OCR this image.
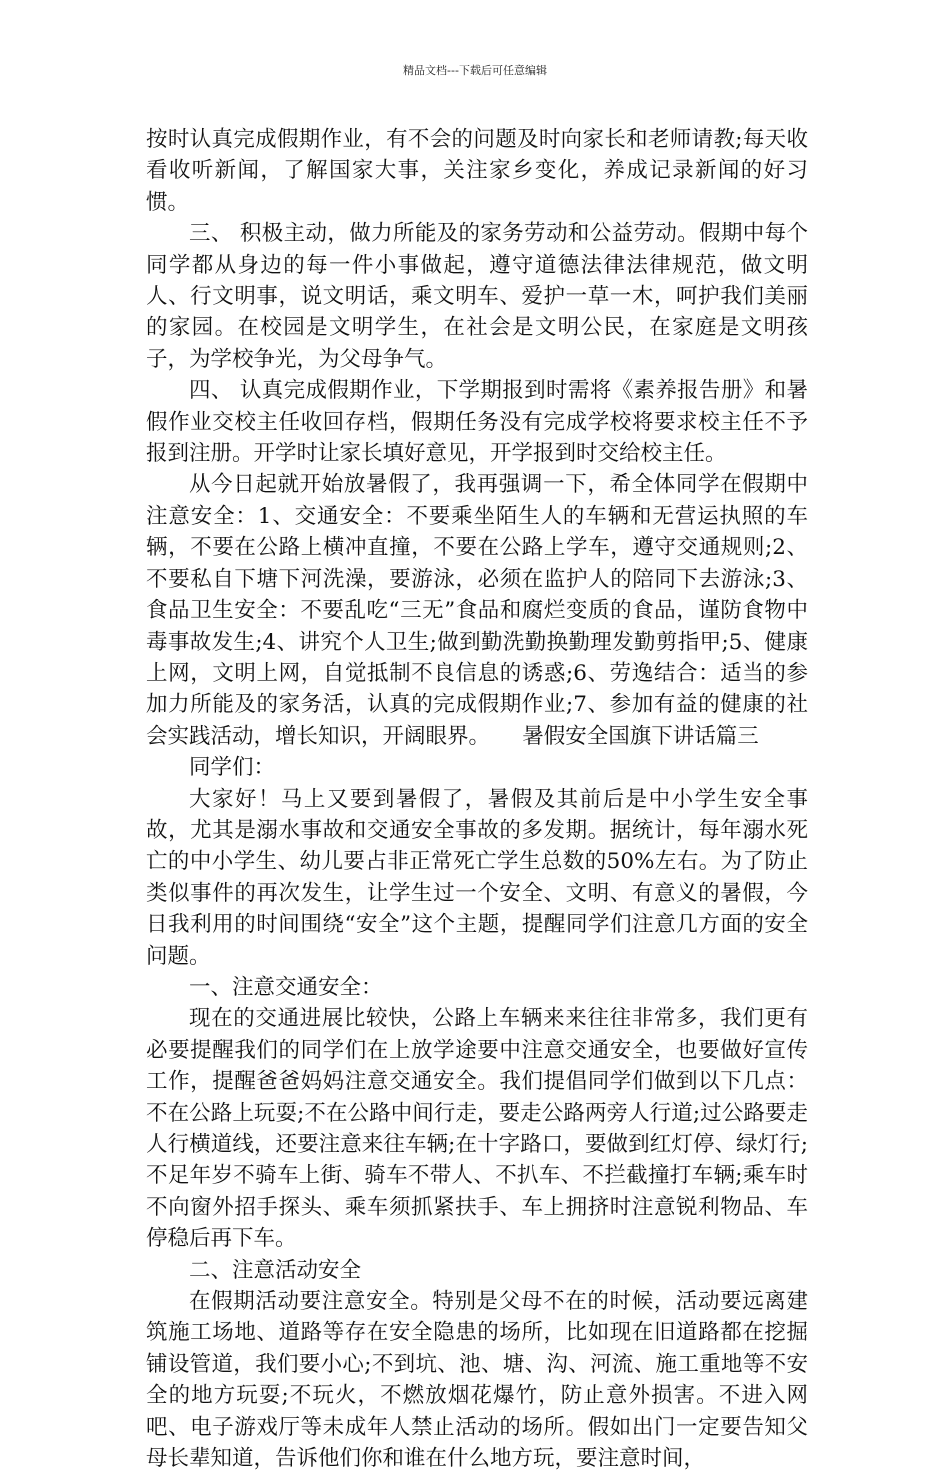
精品文档---下载后可任意编辑

按时认真完成假期作业，有不会的问题及时向家长和老师请教;每天收看收听新闻，了解国家大事，关注家乡变化，养成记录新闻的好习惯。

三、 积极主动，做力所能及的家务劳动和公益劳动。假期中每个同学都从身边的每一件小事做起，遵守道德法律法律规范，做文明人、行文明事，说文明话，乘文明车、爱护一草一木，呵护我们美丽的家园。在校园是文明学生，在社会是文明公民，在家庭是文明孩子，为学校争光，为父母争气。

四、 认真完成假期作业，下学期报到时需将《素养报告册》和暑假作业交校主任收回存档，假期任务没有完成学校将要求校主任不予报到注册。开学时让家长填好意见，开学报到时交给校主任。

从今日起就开始放暑假了，我再强调一下，希全体同学在假期中注意安全：1、交通安全：不要乘坐陌生人的车辆和无营运执照的车辆，不要在公路上横冲直撞，不要在公路上学车，遵守交通规则;2、不要私自下塘下河洗澡，要游泳，必须在监护人的陪同下去游泳;3、食品卫生安全：不要乱吃“三无”食品和腐烂变质的食品，谨防食物中毒事故发生;4、讲究个人卫生;做到勤洗勤换勤理发勤剪指甲;5、健康上网，文明上网，自觉抵制不良信息的诱惑;6、劳逸结合：适当的参加力所能及的家务活，认真的完成假期作业;7、参加有益的健康的社会实践活动，增长知识，开阔眼界。　　暑假安全国旗下讲话篇三

同学们：

大家好！马上又要到暑假了，暑假及其前后是中小学生安全事故，尤其是溺水事故和交通安全事故的多发期。据统计，每年溺水死亡的中小学生、幼儿要占非正常死亡学生总数的50%左右。为了防止类似事件的再次发生，让学生过一个安全、文明、有意义的暑假，今日我利用的时间围绕“安全”这个主题，提醒同学们注意几方面的安全问题。

一、注意交通安全：

现在的交通进展比较快，公路上车辆来来往往非常多，我们更有必要提醒我们的同学们在上放学途要中注意交通安全，也要做好宣传工作，提醒爸爸妈妈注意交通安全。我们提倡同学们做到以下几点：不在公路上玩耍;不在公路中间行走，要走公路两旁人行道;过公路要走人行横道线，还要注意来往车辆;在十字路口，要做到红灯停、绿灯行;不足年岁不骑车上街、骑车不带人、不扒车、不拦截撞打车辆;乘车时不向窗外招手探头、乘车须抓紧扶手、车上拥挤时注意锐利物品、车停稳后再下车。

二、注意活动安全

在假期活动要注意安全。特别是父母不在的时候，活动要远离建筑施工场地、道路等存在安全隐患的场所，比如现在旧道路都在挖掘铺设管道，我们要小心;不到坑、池、塘、沟、河流、施工重地等不安全的地方玩耍;不玩火，不燃放烟花爆竹，防止意外损害。不进入网吧、电子游戏厅等未成年人禁止活动的场所。假如出门一定要告知父母长辈知道，告诉他们你和谁在什么地方玩，要注意时间，
